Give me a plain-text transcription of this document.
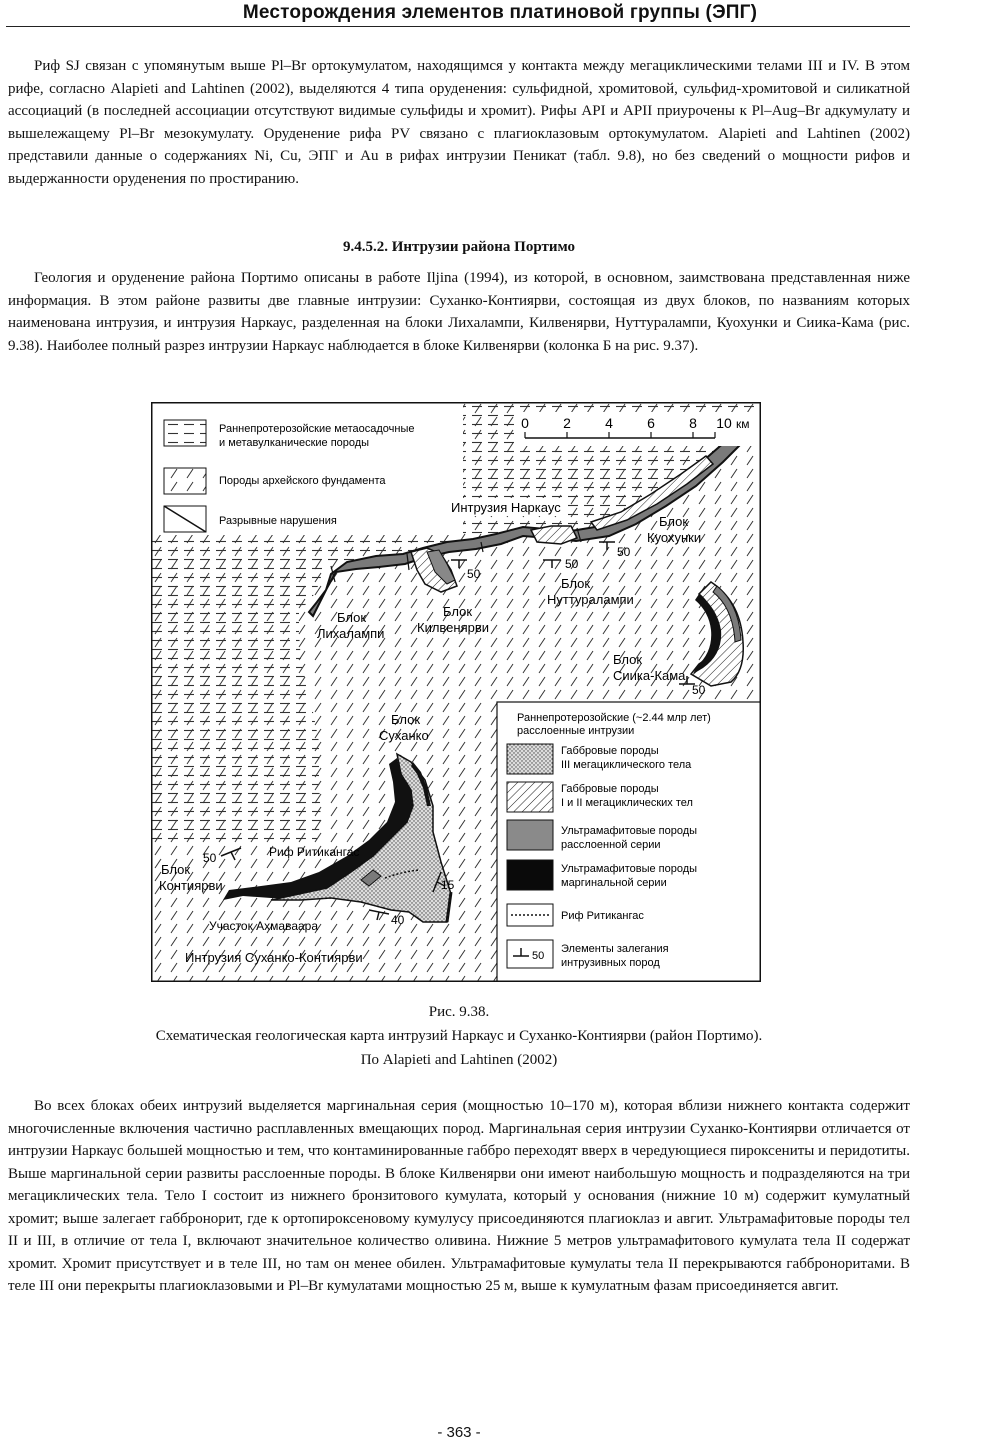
Месторождения элементов платиновой группы (ЭПГ)

Риф SJ связан с упомянутым выше Pl–Br ортокумулатом, находящимся у контакта между мегациклическими телами III и IV. В этом рифе, согласно Alapieti and Lahtinen (2002), выделяются 4 типа оруденения: сульфидной, хромитовой, сульфид-хромитовой и силикатной ассоциаций (в последней ассоциации отсутствуют видимые сульфиды и хромит). Рифы API и APII приурочены к Pl–Aug–Br адкумулату и вышележащему Pl–Br мезокумулату. Оруденение рифа PV связано с плагиоклазовым ортокумулатом. Alapieti and Lahtinen (2002) представили данные о содержаниях Ni, Cu, ЭПГ и Au в рифах интрузии Пеникат (табл. 9.8), но без сведений о мощности рифов и выдержанности оруденения по простиранию.

9.4.5.2. Интрузии района Портимо

Геология и оруденение района Портимо описаны в работе Iljina (1994), из которой, в основном, заимствована представленная ниже информация. В этом районе развиты две главные интрузии: Суханко-Контиярви, состоящая из двух блоков, по названиям которых наименована интрузия, и интрузия Наркаус, разделенная на блоки Лихалампи, Килвенярви, Нуттуралампи, Куохунки и Сиика-Кама (рис. 9.38). Наиболее полный разрез интрузии Наркаус наблюдается в блоке Килвенярви (колонка Б на рис. 9.37).

50
50
50
50
50
15
40
Раннепротерозойские метаосадочные
и метавулканические породы
Породы архейского фундамента
Разрывные нарушения
0 2 4 6 8 10 км
Интрузия Наркаус
Блок
Куохунки
Блок
Нуттуралампи
Блок
Килвенярви
Блок
Лихалампи
Блок
Сиика-Кама
Блок
Суханко
Риф Ритикангас
Блок
Контиярви
Участок Ахмаваара
Интрузия Суханко-Контиярви
Раннепротерозойские (~2.44 млр лет)
расслоенные интрузии
Габбровые породы
III мегациклического тела
Габбровые породы
I и II мегациклических тел
Ультрамафитовые породы
расслоенной серии
Ультрамафитовые породы
маргинальной серии
Риф Ритикангас
50
Элементы залегания
интрузивных пород
Рис. 9.38.
Схематическая геологическая карта интрузий Наркаус и Суханко-Контиярви (район Портимо).
По Alapieti and Lahtinen (2002)

Во всех блоках обеих интрузий выделяется маргинальная серия (мощностью 10–170 м), которая вблизи нижнего контакта содержит многочисленные включения частично расплавленных вмещающих пород. Маргинальная серия интрузии Суханко-Контиярви отличается от интрузии Наркаус большей мощностью и тем, что контаминированные габбро переходят вверх в чередующиеся пироксениты и перидотиты. Выше маргинальной серии развиты расслоенные породы. В блоке Килвенярви они имеют наибольшую мощность и подразделяются на три мегациклических тела. Тело I состоит из нижнего бронзитового кумулата, который у основания (нижние 10 м) содержит кумулатный хромит; выше залегает габбронорит, где к ортопироксеновому кумулусу присоединяются плагиоклаз и авгит. Ультрамафитовые породы тел II и III, в отличие от тела I, включают значительное количество оливина. Нижние 5 метров ультрамафитового кумулата тела II содержат хромит. Хромит присутствует и в теле III, но там он менее обилен. Ультрамафитовые кумулаты тела II перекрываются габброноритами. В теле III они перекрыты плагиоклазовыми и Pl–Br кумулатами мощностью 25 м, выше к кумулатным фазам присоединяется авгит.

- 363 -
